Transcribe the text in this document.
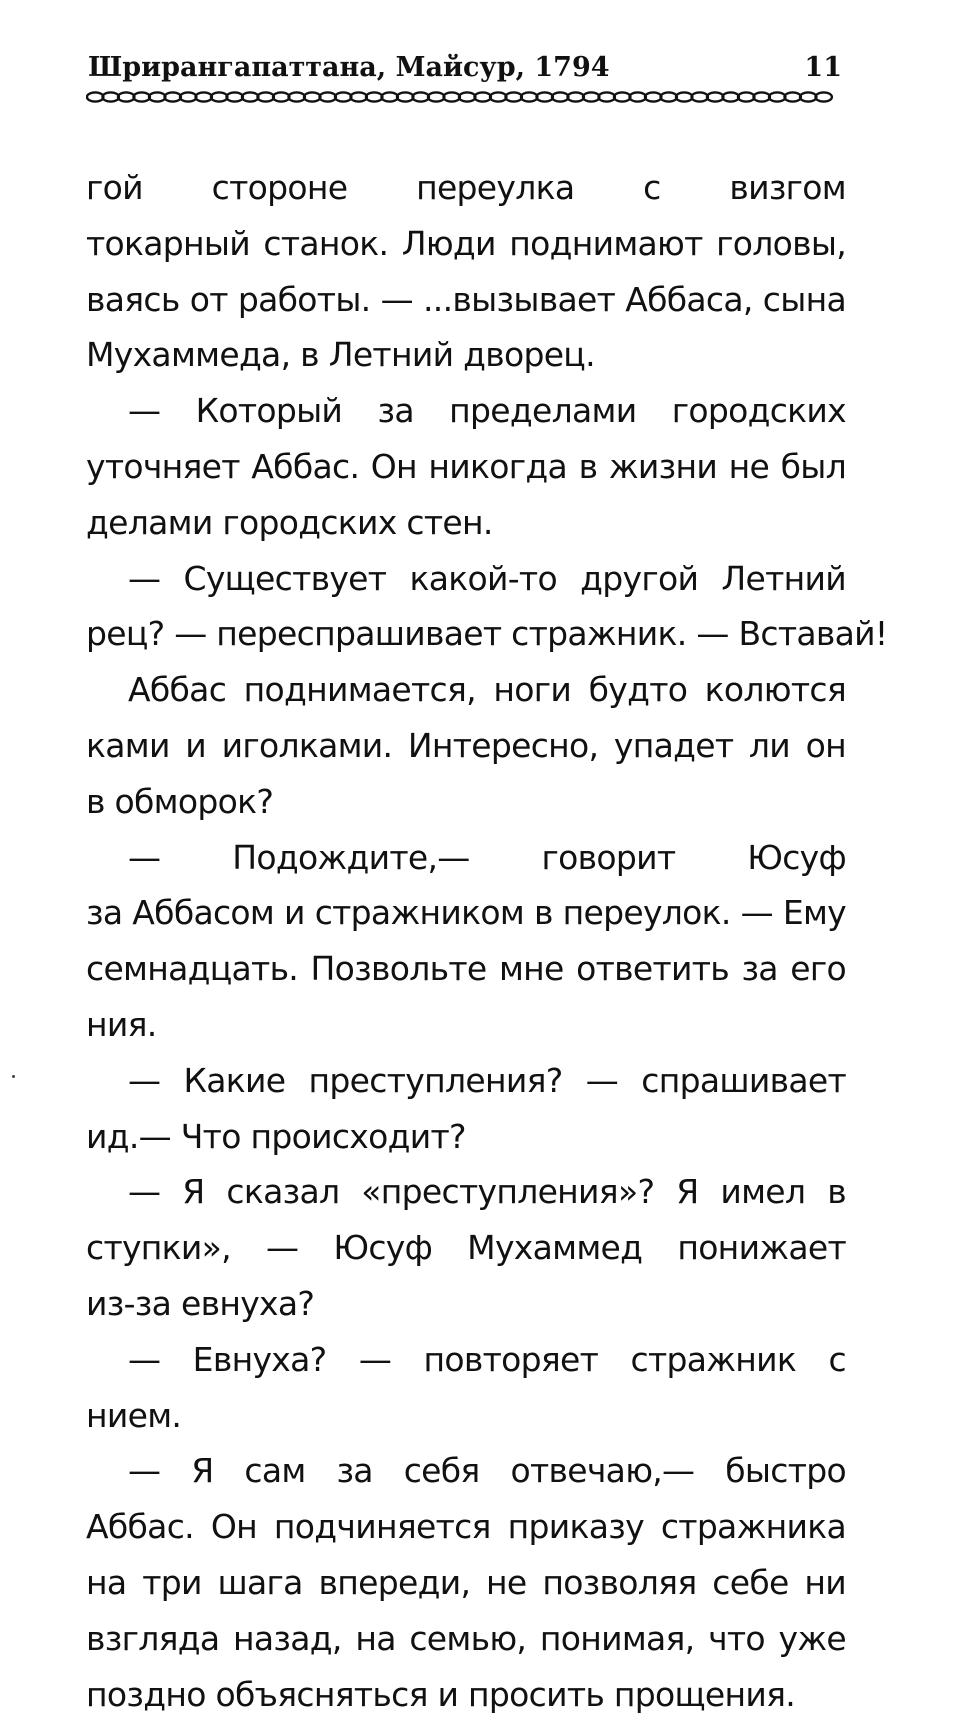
Шрирангапаттана, Майсур, 1794	11
гой стороне переулка с визгом
токарный станок. Люди поднимают головы,
ваясь от работы. — ...вызывает Аббаса, сына
Мухаммеда, в Летний дворец.
— Который за пределами городских
уточняет Аббас. Он никогда в жизни не был
делами городских стен.
— Существует какой-то другой Летний
рец? — переспрашивает стражник. — Вставай!
Аббас поднимается, ноги будто колются
ками и иголками. Интересно, упадет ли он
в обморок?
— Подождите,— говорит Юсуф
за Аббасом и стражником в переулок. — Ему
семнадцать. Позвольте мне ответить за его
ния.
— Какие преступления? — спрашивает
ид.— Что происходит?
— Я сказал «преступления»? Я имел в
ступки», — Юсуф Мухаммед понижает
из-за евнуха?
— Евнуха? — повторяет стражник с
нием.
— Я сам за себя отвечаю,— быстро
Аббас. Он подчиняется приказу стражника
на три шага впереди, не позволяя себе ни
взгляда назад, на семью, понимая, что уже
поздно объясняться и просить прощения.
